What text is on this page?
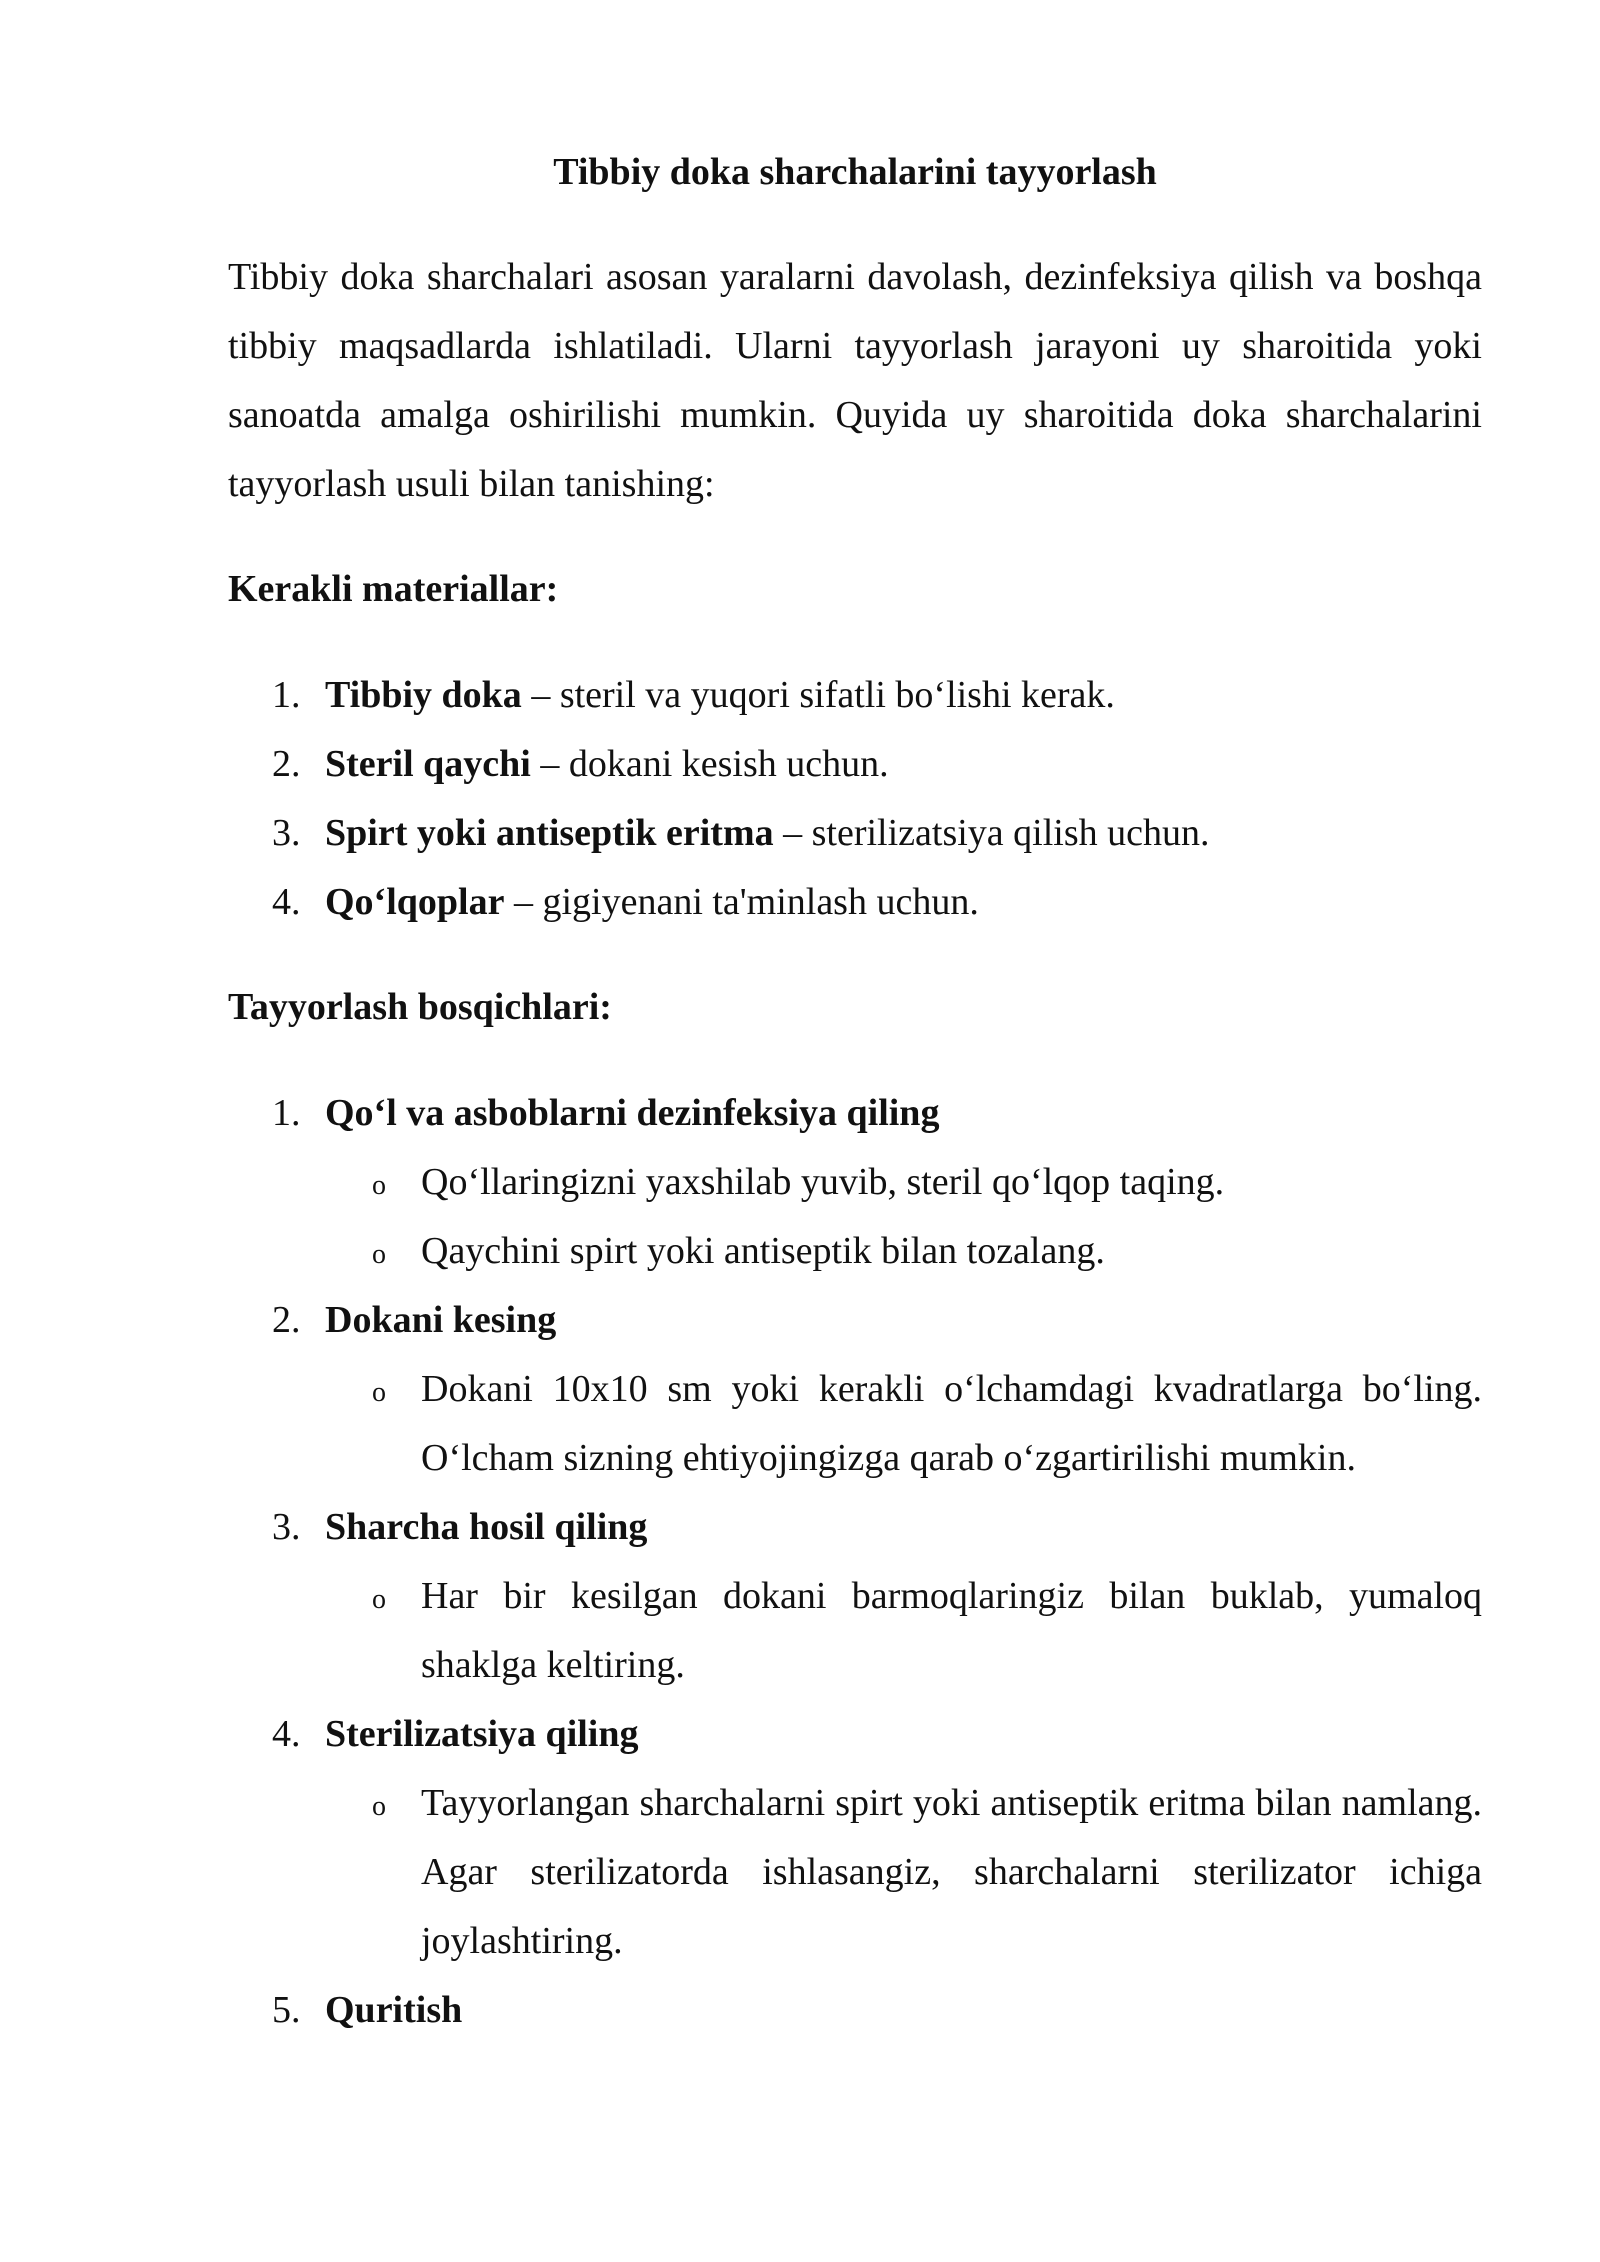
Tibbiy doka sharchalarini tayyorlash

Tibbiy doka sharchalari asosan yaralarni davolash, dezinfeksiya qilish va boshqa tibbiy maqsadlarda ishlatiladi. Ularni tayyorlash jarayoni uy sharoitida yoki sanoatda amalga oshirilishi mumkin. Quyida uy sharoitida doka sharchalarini tayyorlash usuli bilan tanishing:

Kerakli materiallar:
1. Tibbiy doka – steril va yuqori sifatli bo‘lishi kerak.
2. Steril qaychi – dokani kesish uchun.
3. Spirt yoki antiseptik eritma – sterilizatsiya qilish uchun.
4. Qo‘lqoplar – gigiyenani ta'minlash uchun.
Tayyorlash bosqichlari:
1. Qo‘l va asboblarni dezinfeksiya qiling
o Qo‘llaringizni yaxshilab yuvib, steril qo‘lqop taqing.
o Qaychini spirt yoki antiseptik bilan tozalang.
2. Dokani kesing
o Dokani 10x10 sm yoki kerakli o‘lchamdagi kvadratlarga bo‘ling. O‘lcham sizning ehtiyojingizga qarab o‘zgartirilishi mumkin.
3. Sharcha hosil qiling
o Har bir kesilgan dokani barmoqlaringiz bilan buklab, yumaloq shaklga keltiring.
4. Sterilizatsiya qiling
o Tayyorlangan sharchalarni spirt yoki antiseptik eritma bilan namlang. Agar sterilizatorda ishlasangiz, sharchalarni sterilizator ichiga joylashtiring.
5. Quritish
